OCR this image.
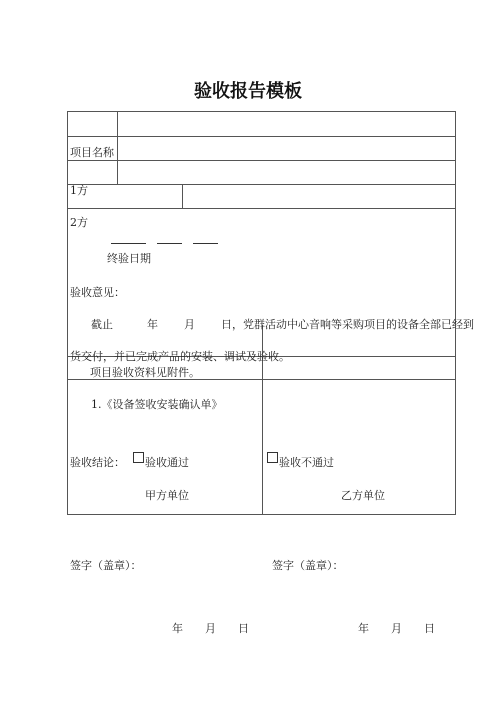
验收报告模板
项目名称
1方
2方
终验日期
验收意见：
截止	年 月 日，党群活动中心音响等采购项目的设备全部已经到
货交付，并已完成产品的安装、调试及验收。
项目验收资料见附件。
1.《设备签收安装确认单》
验收结论： 验收通过	验收不通过
甲方单位	乙方单位
签字（盖章）：	签字（盖章）：
年　　月　　日	年　　月　　日
